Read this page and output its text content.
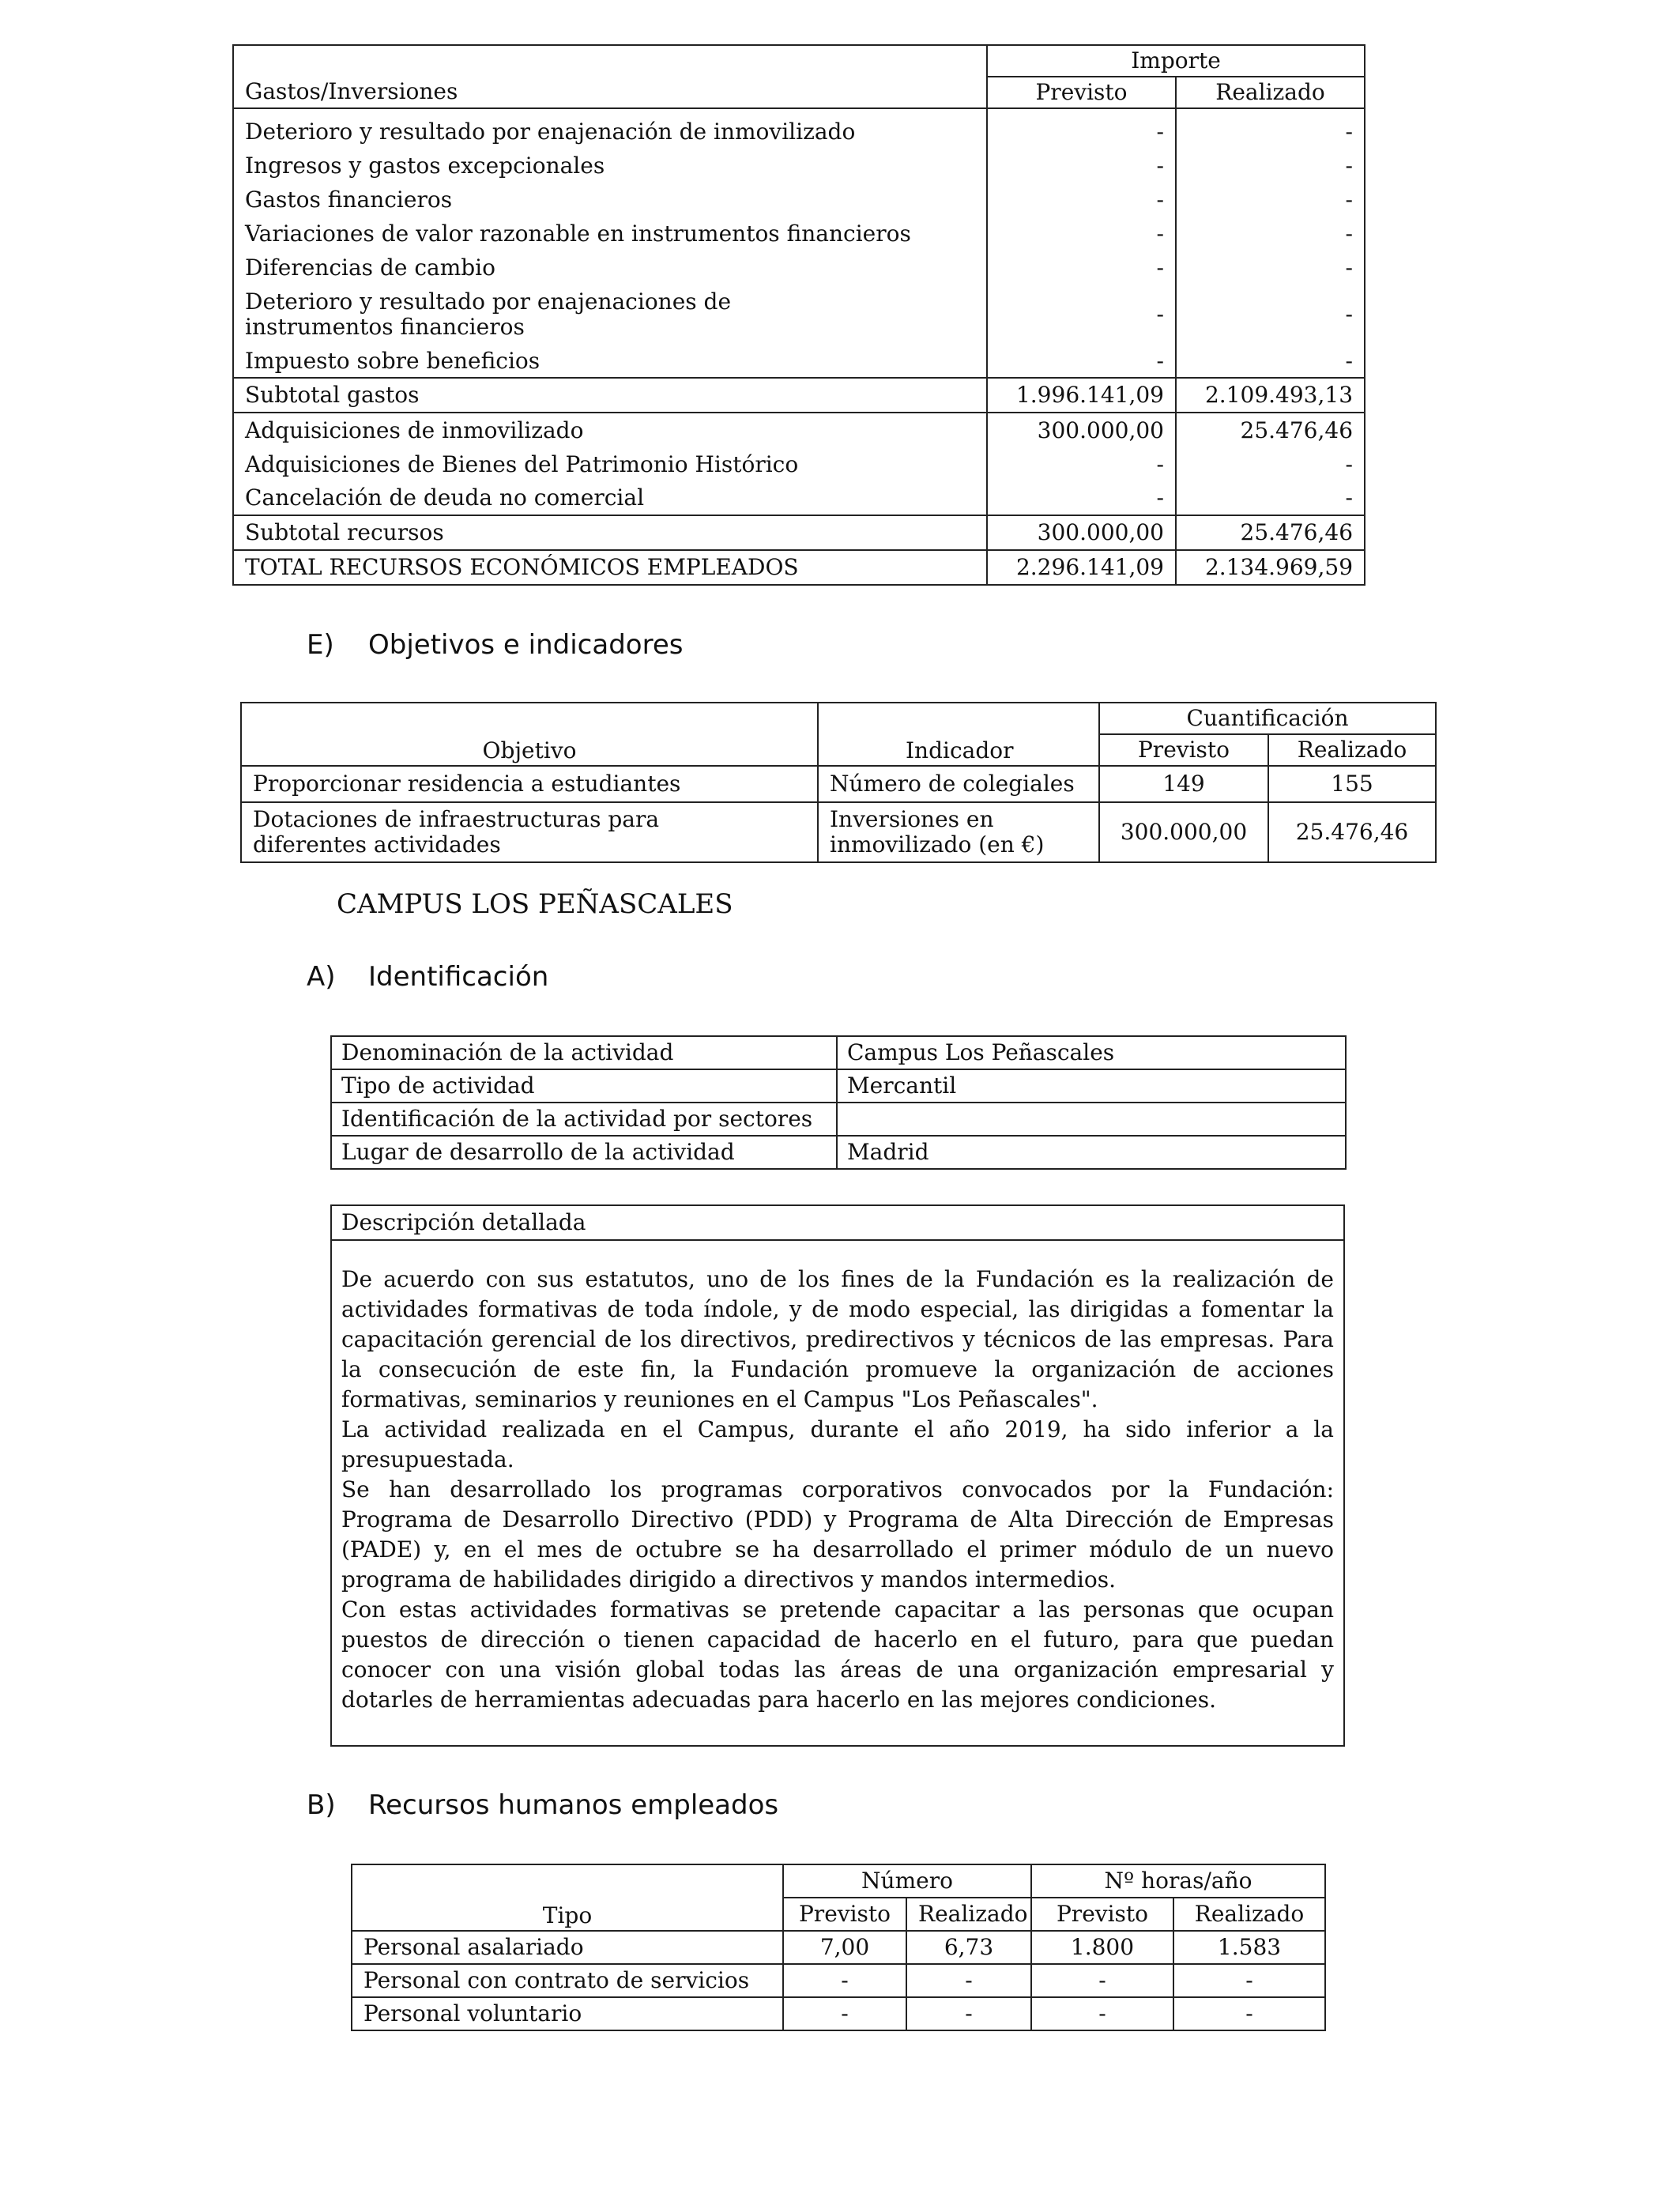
Gastos/Inversiones	Importe	
	Previsto	Realizado

Deterioro y resultado por enajenación de inmovilizado	-	-
Ingresos y gastos excepcionales	-	-
Gastos financieros	-	-
Variaciones de valor razonable en instrumentos financieros	-	-
Diferencias de cambio	-	-
Deterioro y resultado por enajenaciones de instrumentos financieros	-	-
Impuesto sobre beneficios	-	-
Subtotal gastos	1.996.141,09	2.109.493,13
Adquisiciones de inmovilizado	300.000,00	25.476,46
Adquisiciones de Bienes del Patrimonio Histórico	-	-
Cancelación de deuda no comercial	-	-
Subtotal recursos	300.000,00	25.476,46
TOTAL RECURSOS ECONÓMICOS EMPLEADOS	2.296.141,09	2.134.969,59
E) Objetivos e indicadores
Objetivo	Indicador	Cuantificación	
		Previsto	Realizado
Proporcionar residencia a estudiantes	Número de colegiales	149	155
Dotaciones de infraestructuras para diferentes actividades	Inversiones en inmovilizado (en €)	300.000,00	25.476,46
CAMPUS LOS PEÑASCALES
A) Identificación
Denominación de la actividad	Campus Los Peñascales
Tipo de actividad	Mercantil
Identificación de la actividad por sectores	
Lugar de desarrollo de la actividad	Madrid
Descripción detallada

De acuerdo con sus estatutos, uno de los fines de la Fundación es la realización de actividades formativas de toda índole, y de modo especial, las dirigidas a fomentar la capacitación gerencial de los directivos, predirectivos y técnicos de las empresas. Para la consecución de este fin, la Fundación promueve la organización de acciones formativas, seminarios y reuniones en el Campus "Los Peñascales".

La actividad realizada en el Campus, durante el año 2019, ha sido inferior a la presupuestada.

Se han desarrollado los programas corporativos convocados por la Fundación: Programa de Desarrollo Directivo (PDD) y Programa de Alta Dirección de Empresas (PADE) y, en el mes de octubre se ha desarrollado el primer módulo de un nuevo programa de habilidades dirigido a directivos y mandos intermedios.

Con estas actividades formativas se pretende capacitar a las personas que ocupan puestos de dirección o tienen capacidad de hacerlo en el futuro, para que puedan conocer con una visión global todas las áreas de una organización empresarial y dotarles de herramientas adecuadas para hacerlo en las mejores condiciones.

B) Recursos humanos empleados
Tipo	Número		Nº horas/año	
	Previsto	Realizado	Previsto	Realizado
Personal asalariado	7,00	6,73	1.800	1.583
Personal con contrato de servicios	-	-	-	-
Personal voluntario	-	-	-	-
